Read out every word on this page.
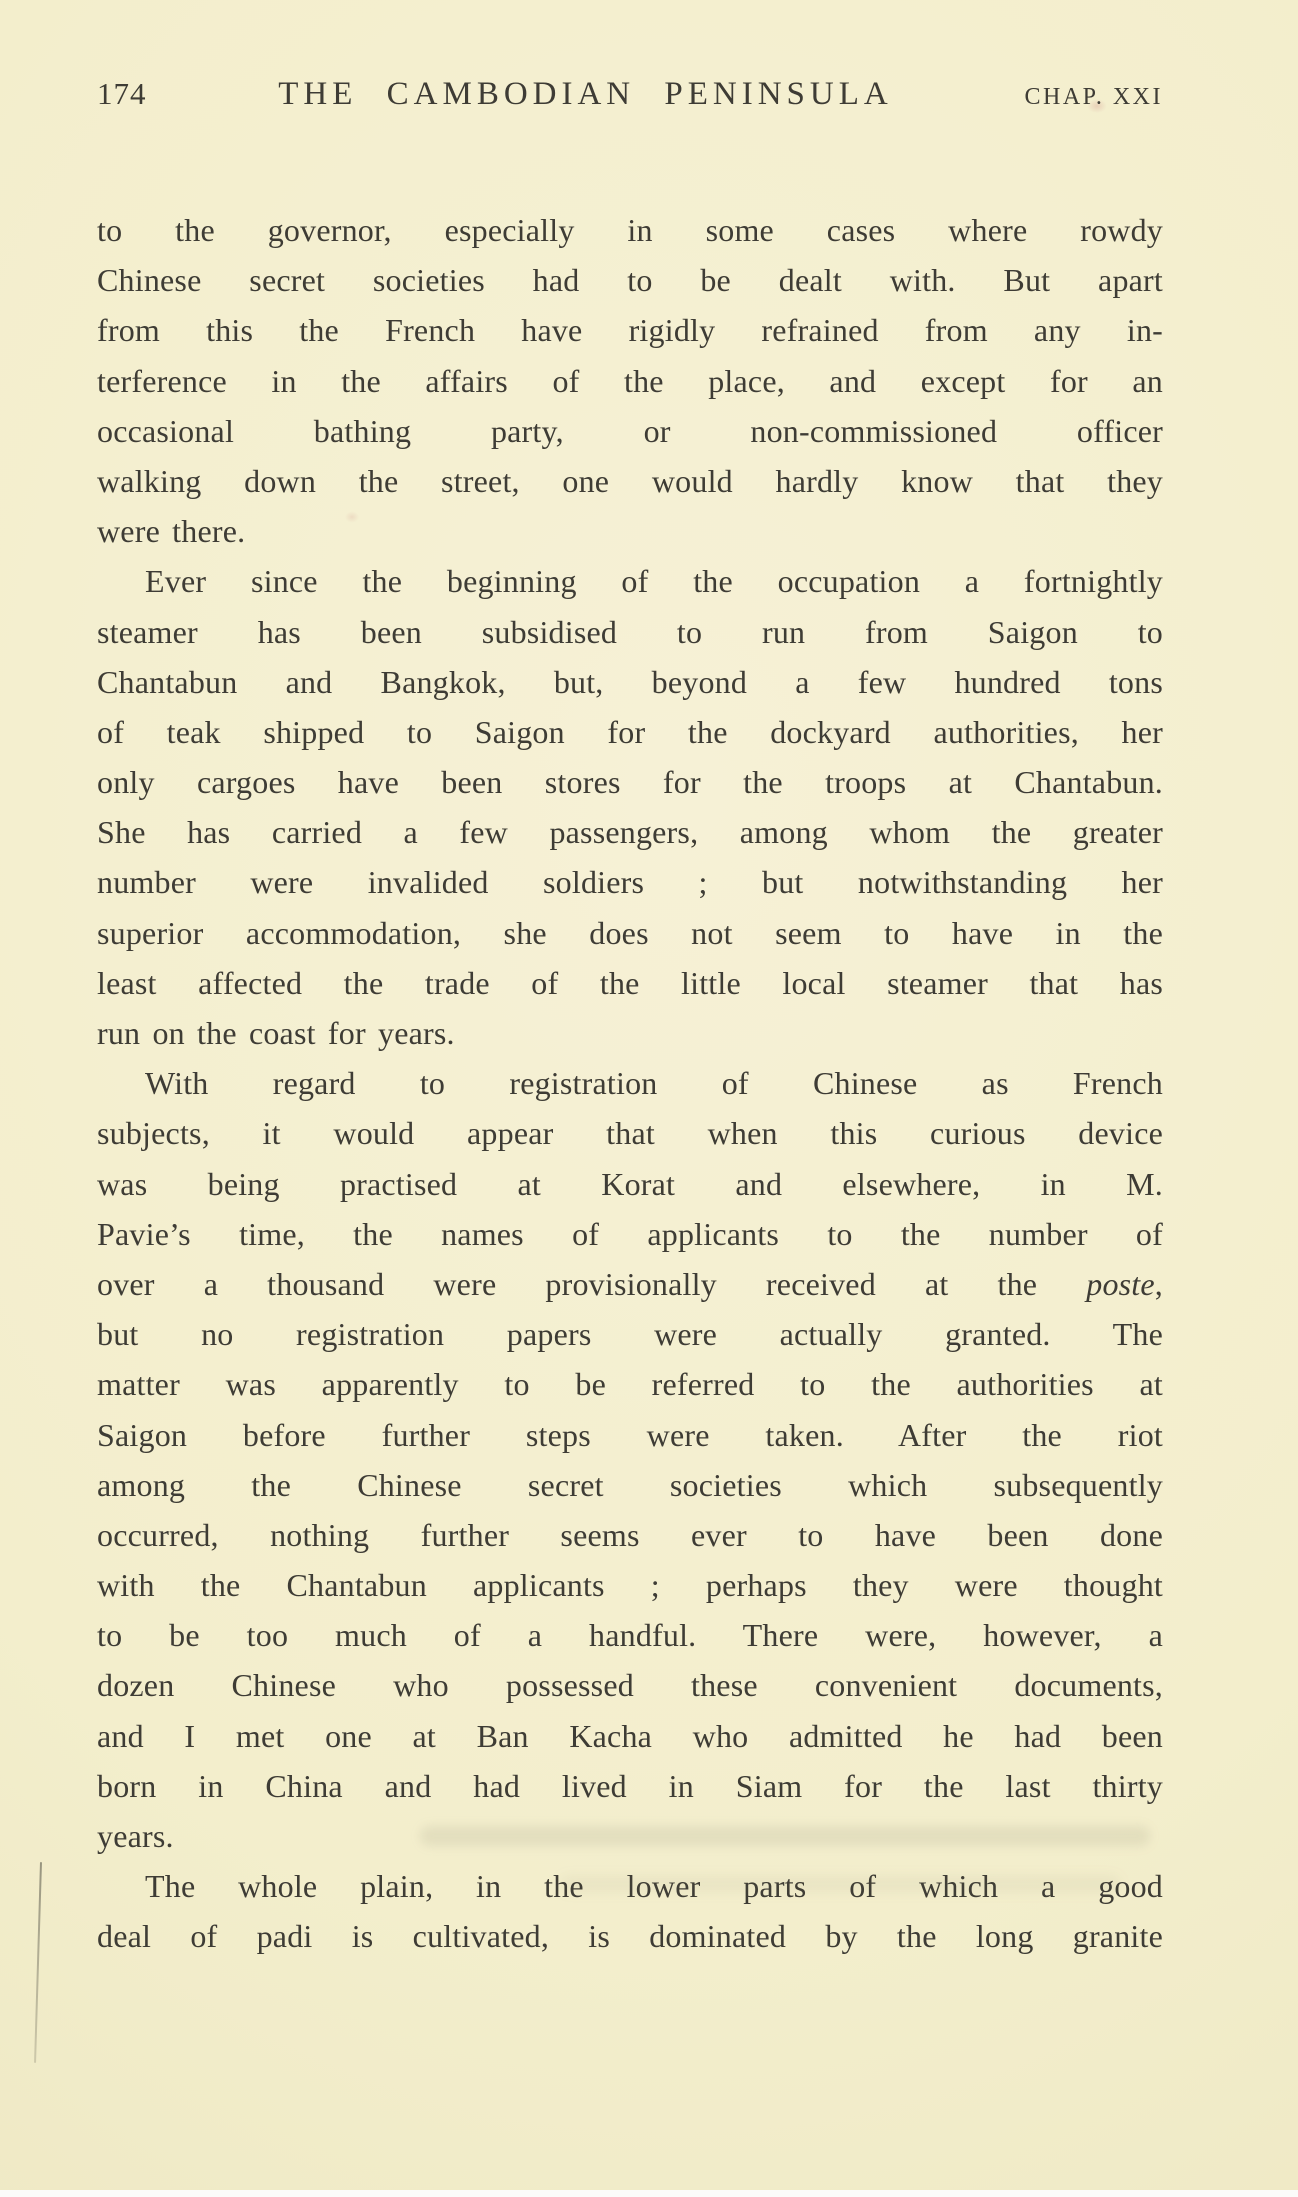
174	THE CAMBODIAN PENINSULA	CHAP. XXI
to the governor, especially in some cases where rowdy
Chinese secret societies had to be dealt with. But apart
from this the French have rigidly refrained from any in-
terference in the affairs of the place, and except for an
occasional bathing party, or non-commissioned officer
walking down the street, one would hardly know that they
were there.
Ever since the beginning of the occupation a fortnightly
steamer has been subsidised to run from Saigon to
Chantabun and Bangkok, but, beyond a few hundred tons
of teak shipped to Saigon for the dockyard authorities, her
only cargoes have been stores for the troops at Chantabun.
She has carried a few passengers, among whom the greater
number were invalided soldiers ; but notwithstanding her
superior accommodation, she does not seem to have in the
least affected the trade of the little local steamer that has
run on the coast for years.
With regard to registration of Chinese as French
subjects, it would appear that when this curious device
was being practised at Korat and elsewhere, in M.
Pavie’s time, the names of applicants to the number of
over a thousand were provisionally received at the poste,
but no registration papers were actually granted. The
matter was apparently to be referred to the authorities at
Saigon before further steps were taken. After the riot
among the Chinese secret societies which subsequently
occurred, nothing further seems ever to have been done
with the Chantabun applicants ; perhaps they were thought
to be too much of a handful. There were, however, a
dozen Chinese who possessed these convenient documents,
and I met one at Ban Kacha who admitted he had been
born in China and had lived in Siam for the last thirty
years.
The whole plain, in the lower parts of which a good
deal of padi is cultivated, is dominated by the long granite
